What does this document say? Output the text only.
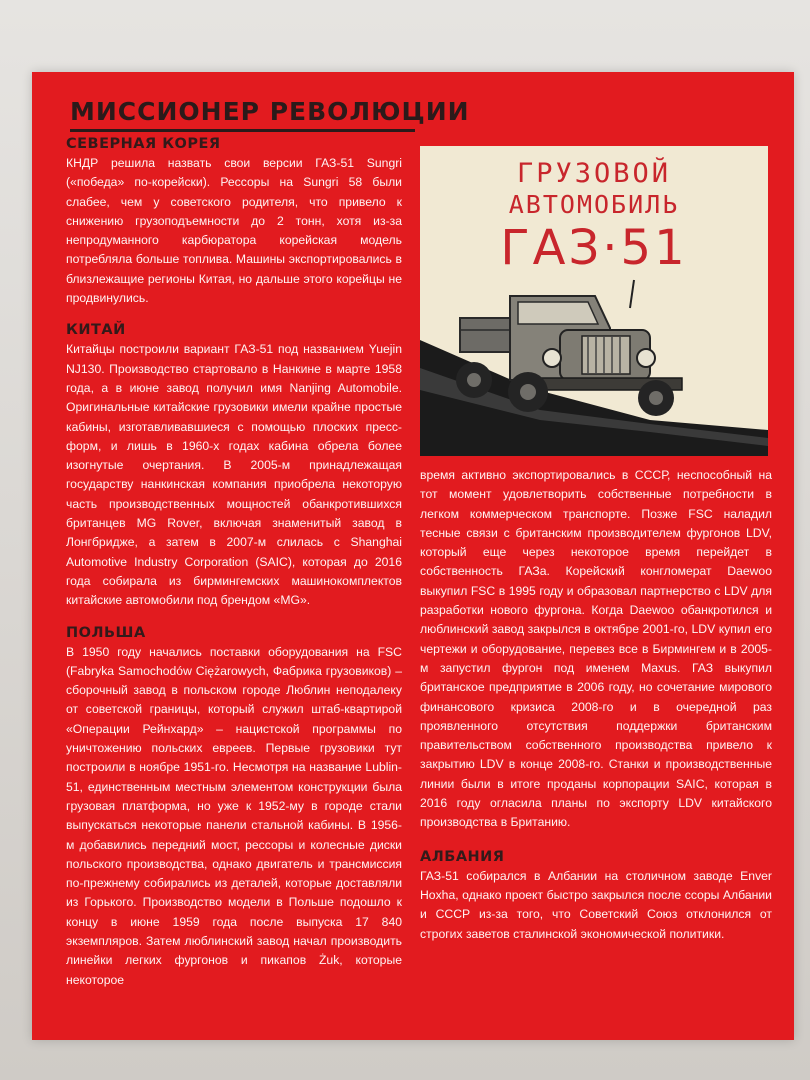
МИССИОНЕР РЕВОЛЮЦИИ
СЕВЕРНАЯ КОРЕЯ

КНДР решила назвать свои версии ГАЗ-51 Sungri («победа» по-корейски). Рессоры на Sungri 58 были слабее, чем у советского родителя, что привело к снижению грузоподъемности до 2 тонн, хотя из-за непродуманного карбюратора корейская модель потребляла больше топлива. Машины экспортировались в близлежащие регионы Китая, но дальше этого корейцы не продвинулись.

КИТАЙ

Китайцы построили вариант ГАЗ-51 под названием Yuejin NJ130. Производство стартовало в Нанкине в марте 1958 года, а в июне завод получил имя Nanjing Automobile. Оригинальные китайские грузовики имели крайне простые кабины, изготавливавшиеся с помощью плоских пресс-форм, и лишь в 1960-х годах кабина обрела более изогнутые очертания. В 2005-м принадлежащая государству нанкинская компания приобрела некоторую часть производственных мощностей обанкротившихся британцев MG Rover, включая знаменитый завод в Лонгбридже, а затем в 2007-м слилась с Shanghai Automotive Industry Corporation (SAIC), которая до 2016 года собирала из бирмингемских машинокомплектов китайские автомобили под брендом «MG».

ПОЛЬША

В 1950 году начались поставки оборудования на FSC (Fabryka Samochodów Ciężarowych, Фабрика грузовиков) – сборочный завод в польском городе Люблин неподалеку от советской границы, который служил штаб-квартирой «Операции Рейнхард» – нацистской программы по уничтожению польских евреев. Первые грузовики тут построили в ноябре 1951-го. Несмотря на название Lublin-51, единственным местным элементом конструкции была грузовая платформа, но уже к 1952-му в городе стали выпускаться некоторые панели стальной кабины. В 1956-м добавились передний мост, рессоры и колесные диски польского производства, однако двигатель и трансмиссия по-прежнему собирались из деталей, которые доставляли из Горького. Производство модели в Польше подошло к концу в июне 1959 года после выпуска 17 840 экземпляров. Затем люблинский завод начал производить линейки легких фургонов и пикапов Żuk, которые некоторое

ГРУЗОВОЙ
АВТОМОБИЛЬ
ГАЗ·51

время активно экспортировались в СССР, неспособный на тот момент удовлетворить собственные потребности в легком коммерческом транспорте. Позже FSC наладил тесные связи с британским производителем фургонов LDV, который еще через некоторое время перейдет в собственность ГАЗа. Корейский конгломерат Daewoo выкупил FSC в 1995 году и образовал партнерство с LDV для разработки нового фургона. Когда Daewoo обанкротился и люблинский завод закрылся в октябре 2001-го, LDV купил его чертежи и оборудование, перевез все в Бирмингем и в 2005-м запустил фургон под именем Maxus. ГАЗ выкупил британское предприятие в 2006 году, но сочетание мирового финансового кризиса 2008-го и в очередной раз проявленного отсутствия поддержки британским правительством собственного производства привело к закрытию LDV в конце 2008-го. Станки и производственные линии были в итоге проданы корпорации SAIC, которая в 2016 году огласила планы по экспорту LDV китайского производства в Британию.

АЛБАНИЯ

ГАЗ-51 собирался в Албании на столичном заводе Enver Hoxha, однако проект быстро закрылся после ссоры Албании и СССР из-за того, что Советский Союз отклонился от строгих заветов сталинской экономической политики.
